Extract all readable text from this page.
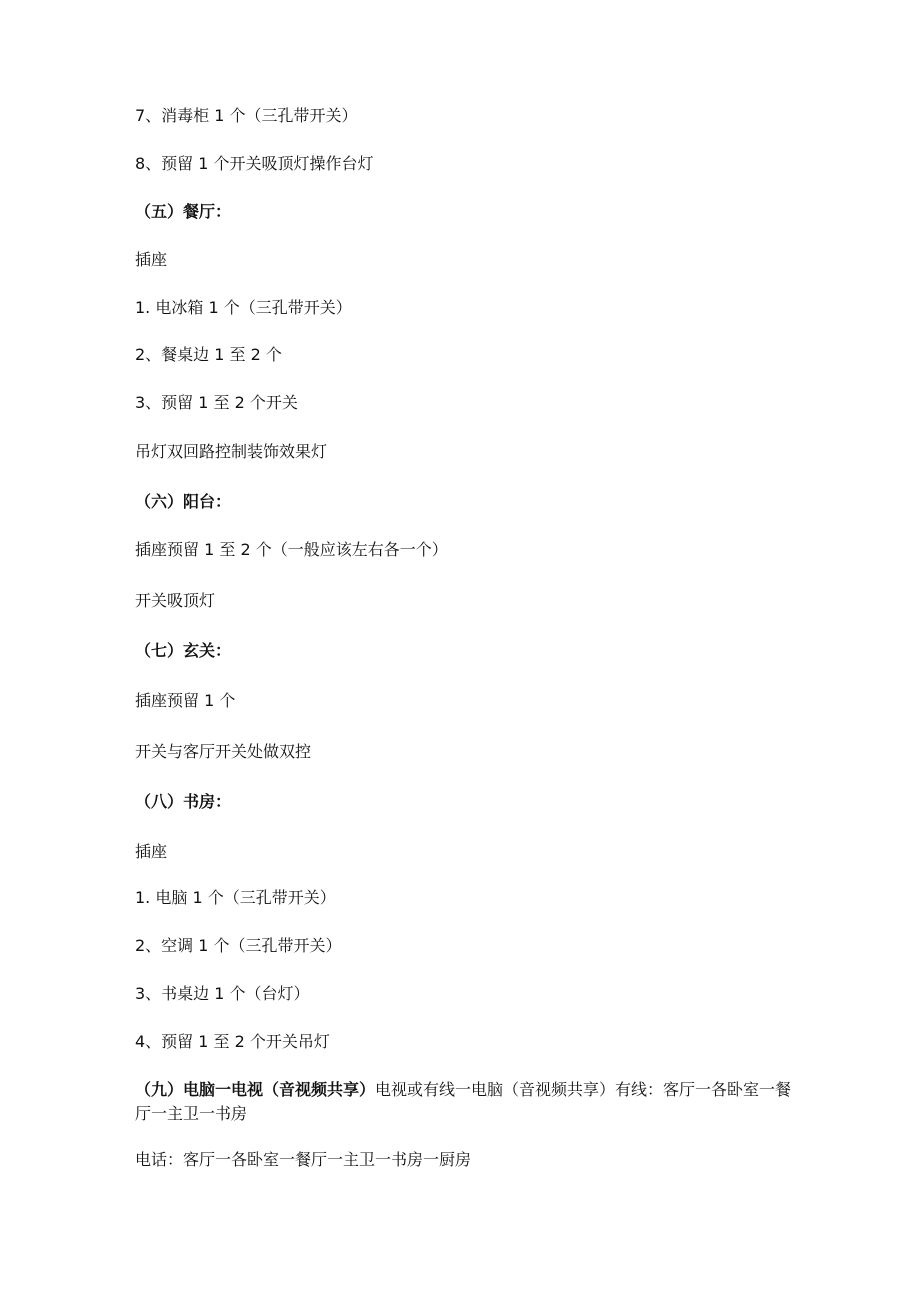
7、消毒柜 1 个（三孔带开关）
8、预留 1 个开关吸顶灯操作台灯
（五）餐厅：
插座
1. 电冰箱 1 个（三孔带开关）
2、餐桌边 1 至 2 个
3、预留 1 至 2 个开关
吊灯双回路控制装饰效果灯
（六）阳台：
插座预留 1 至 2 个（一般应该左右各一个）
开关吸顶灯
（七）玄关：
插座预留 1 个
开关与客厅开关处做双控
（八）书房：
插座
1. 电脑 1 个（三孔带开关）
2、空调 1 个（三孔带开关）
3、书桌边 1 个（台灯）
4、预留 1 至 2 个开关吊灯
（九）电脑一电视（音视频共享）电视或有线一电脑（音视频共享）有线：客厅一各卧室一餐厅一主卫一书房
电话：客厅一各卧室一餐厅一主卫一书房一厨房
